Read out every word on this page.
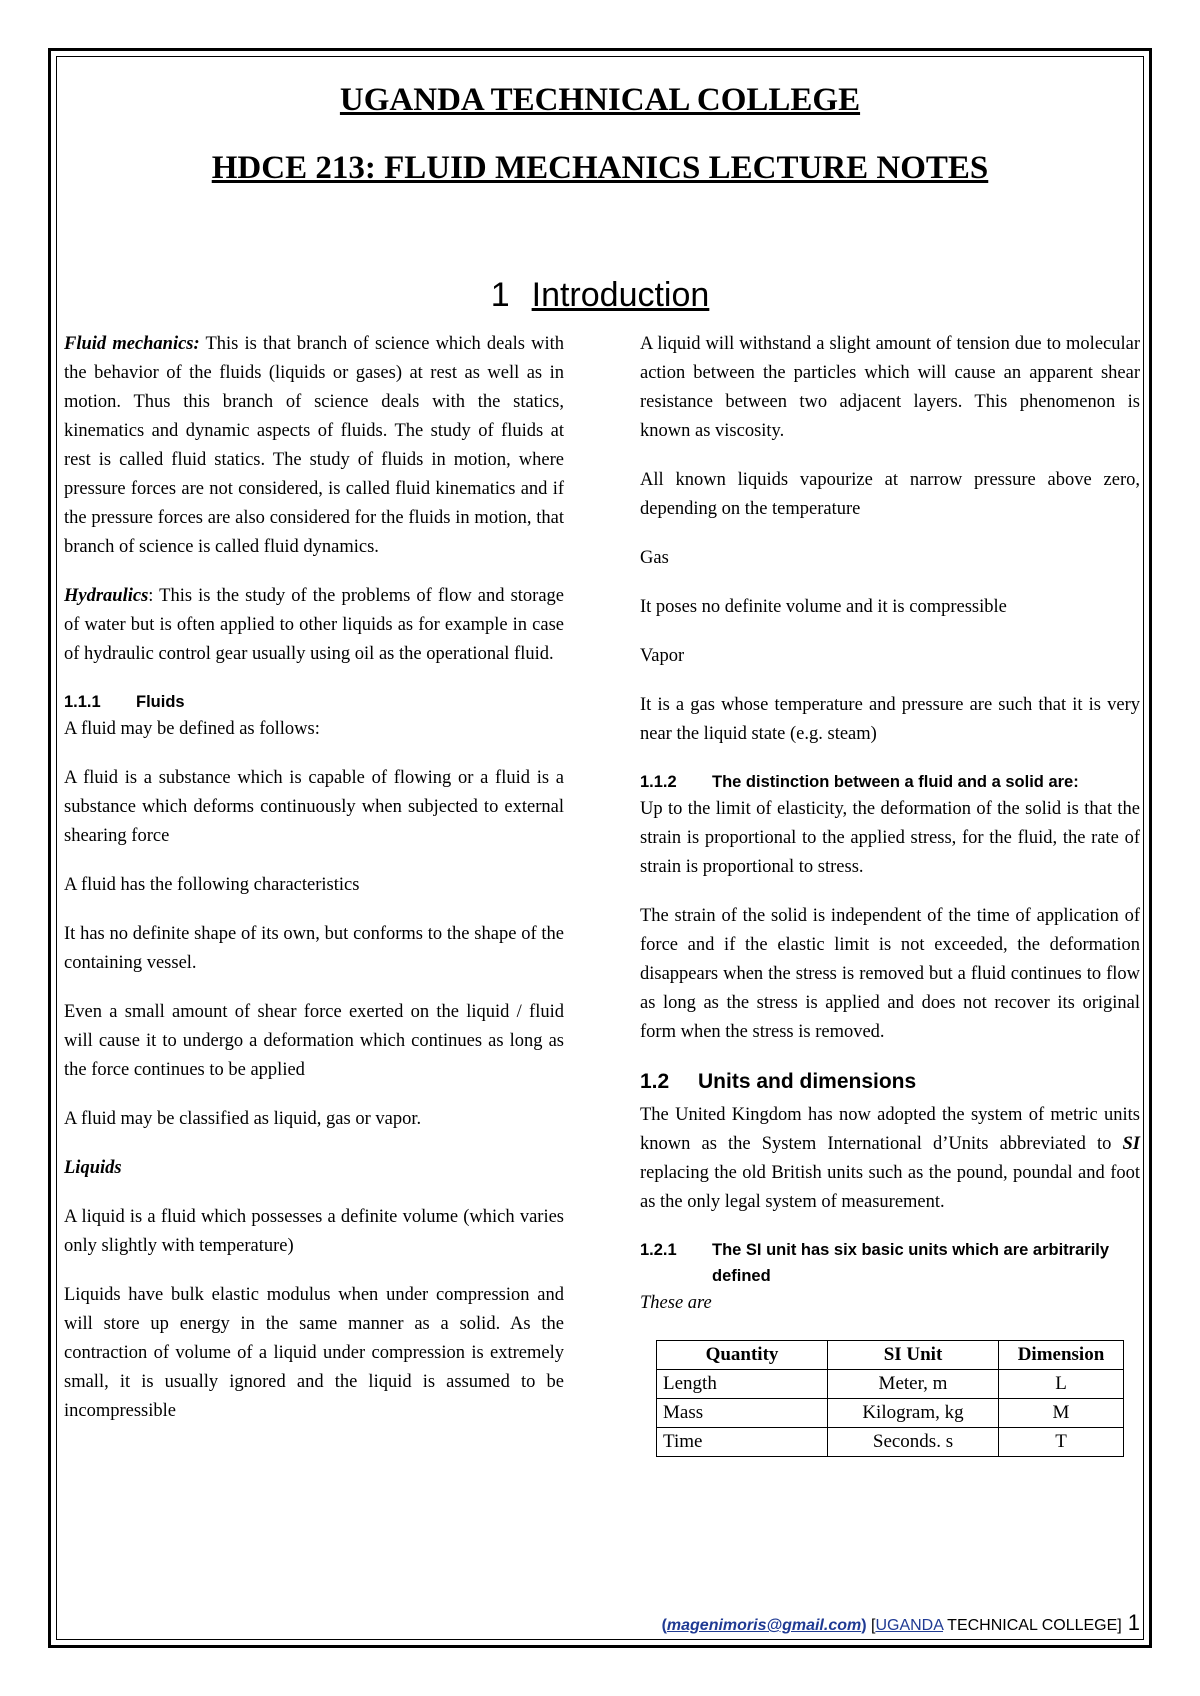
UGANDA TECHNICAL COLLEGE
HDCE 213: FLUID MECHANICS LECTURE NOTES
1 Introduction

Fluid mechanics: This is that branch of science which deals with the behavior of the fluids (liquids or gases) at rest as well as in motion. Thus this branch of science deals with the statics, kinematics and dynamic aspects of fluids. The study of fluids at rest is called fluid statics. The study of fluids in motion, where pressure forces are not considered, is called fluid kinematics and if the pressure forces are also considered for the fluids in motion, that branch of science is called fluid dynamics.

Hydraulics: This is the study of the problems of flow and storage of water but is often applied to other liquids as for example in case of hydraulic control gear usually using oil as the operational fluid.

1.1.1 Fluids

A fluid may be defined as follows:

A fluid is a substance which is capable of flowing or a fluid is a substance which deforms continuously when subjected to external shearing force

A fluid has the following characteristics

It has no definite shape of its own, but conforms to the shape of the containing vessel.

Even a small amount of shear force exerted on the liquid / fluid will cause it to undergo a deformation which continues as long as the force continues to be applied

A fluid may be classified as liquid, gas or vapor.

Liquids

A liquid is a fluid which possesses a definite volume (which varies only slightly with temperature)

Liquids have bulk elastic modulus when under compression and will store up energy in the same manner as a solid. As the contraction of volume of a liquid under compression is extremely small, it is usually ignored and the liquid is assumed to be incompressible

A liquid will withstand a slight amount of tension due to molecular action between the particles which will cause an apparent shear resistance between two adjacent layers. This phenomenon is known as viscosity.

All known liquids vapourize at narrow pressure above zero, depending on the temperature

Gas

It poses no definite volume and it is compressible

Vapor

It is a gas whose temperature and pressure are such that it is very near the liquid state (e.g. steam)

1.1.2 The distinction between a fluid and a solid are:

Up to the limit of elasticity, the deformation of the solid is that the strain is proportional to the applied stress, for the fluid, the rate of strain is proportional to stress.

The strain of the solid is independent of the time of application of force and if the elastic limit is not exceeded, the deformation disappears when the stress is removed but a fluid continues to flow as long as the stress is applied and does not recover its original form when the stress is removed.

1.2 Units and dimensions

The United Kingdom has now adopted the system of metric units known as the System International d’Units abbreviated to SI replacing the old British units such as the pound, poundal and foot as the only legal system of measurement.

1.2.1	The SI unit has six basic units which are arbitrarily defined

These are

Quantity	SI Unit	Dimension
Length	Meter, m	L
Mass	Kilogram, kg	M
Time	Seconds. s	T
(magenimoris@gmail.com) [UGANDA TECHNICAL COLLEGE] 1
